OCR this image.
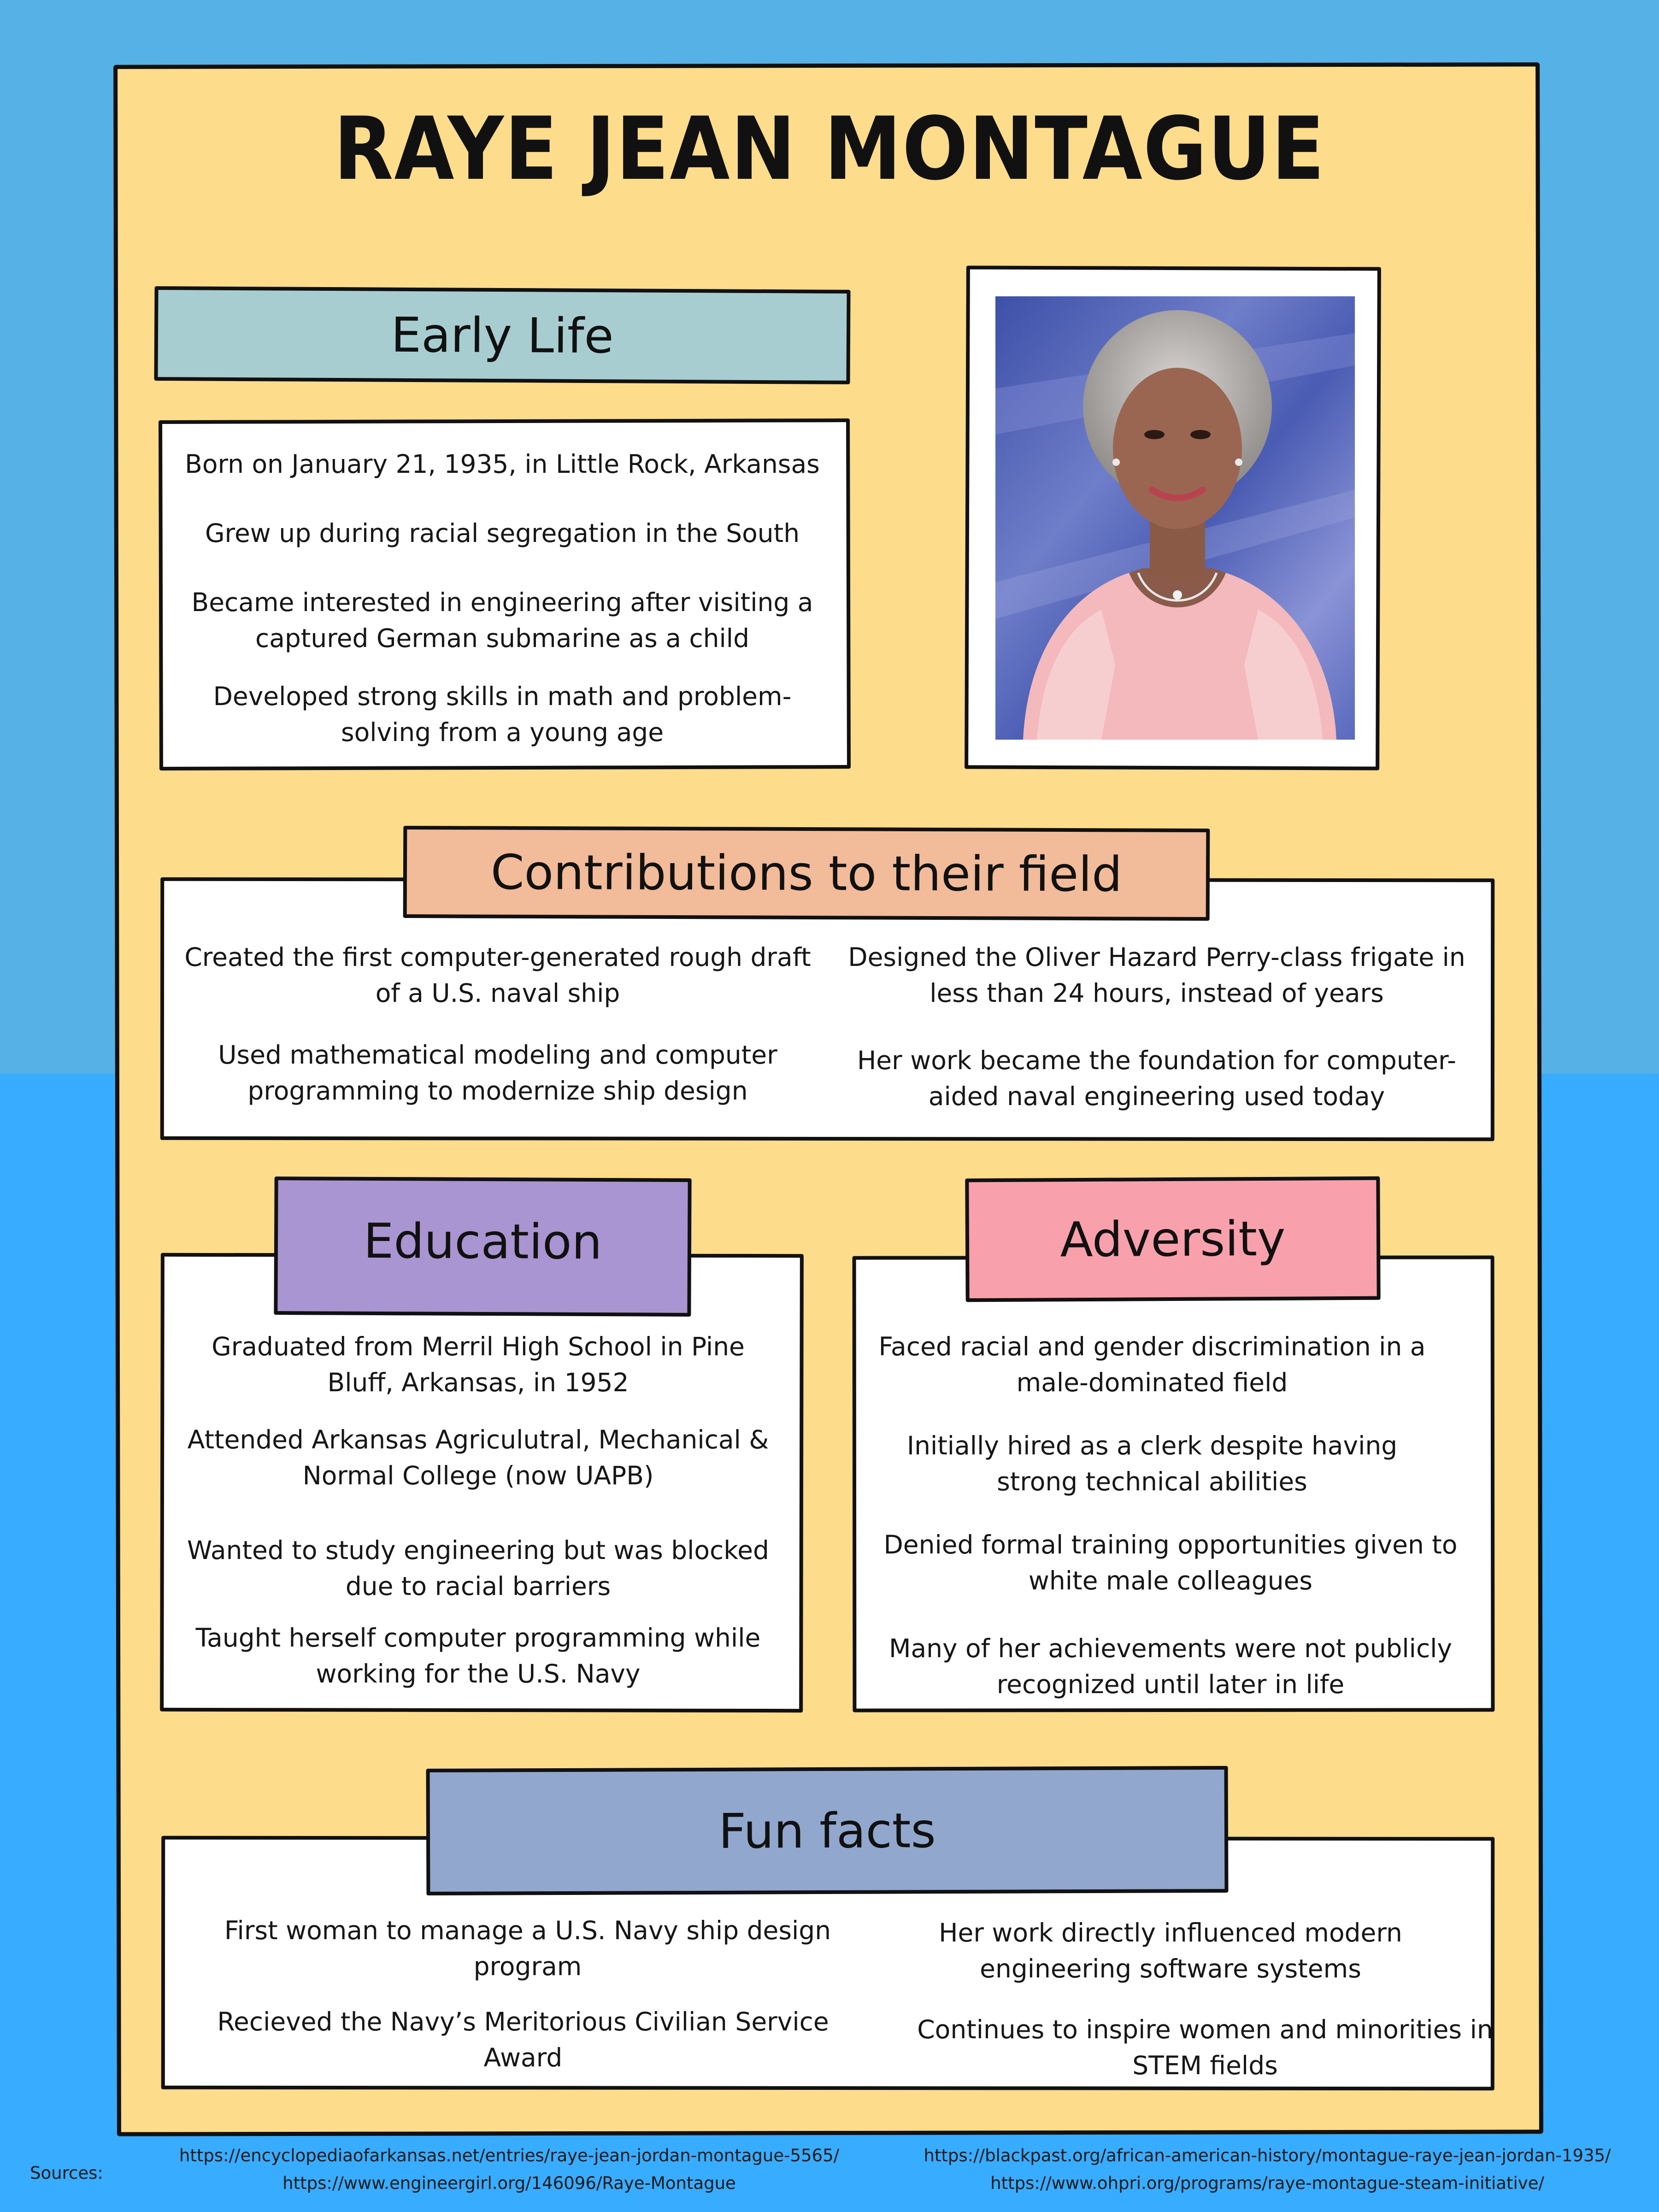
RAYE JEAN MONTAGUE
Early Life
Born on January 21, 1935, in Little Rock, Arkansas
Grew up during racial segregation in the South
Became interested in engineering after visiting a captured German submarine as a child
Developed strong skills in math and problem-solving from a young age
Contributions to their field
Created the first computer-generated rough draft of a U.S. naval ship
Used mathematical modeling and computer programming to modernize ship design
Designed the Oliver Hazard Perry-class frigate in less than 24 hours, instead of years
Her work became the foundation for computer-aided naval engineering used today
Education
Graduated from Merril High School in Pine Bluff, Arkansas, in 1952
Attended Arkansas Agriculutral, Mechanical & Normal College (now UAPB)
Wanted to study engineering but was blocked due to racial barriers
Taught herself computer programming while working for the U.S. Navy
Adversity
Faced racial and gender discrimination in a male-dominated field
Initially hired as a clerk despite having strong technical abilities
Denied formal training opportunities given to white male colleagues
Many of her achievements were not publicly recognized until later in life
Fun facts
First woman to manage a U.S. Navy ship design program
Recieved the Navy’s Meritorious Civilian Service Award
Her work directly influenced modern engineering software systems
Continues to inspire women and minorities in STEM fields
Sources:
https://encyclopediaofarkansas.net/entries/raye-jean-jordan-montague-5565/
https://www.engineergirl.org/146096/Raye-Montague
https://blackpast.org/african-american-history/montague-raye-jean-jordan-1935/
https://www.ohpri.org/programs/raye-montague-steam-initiative/
